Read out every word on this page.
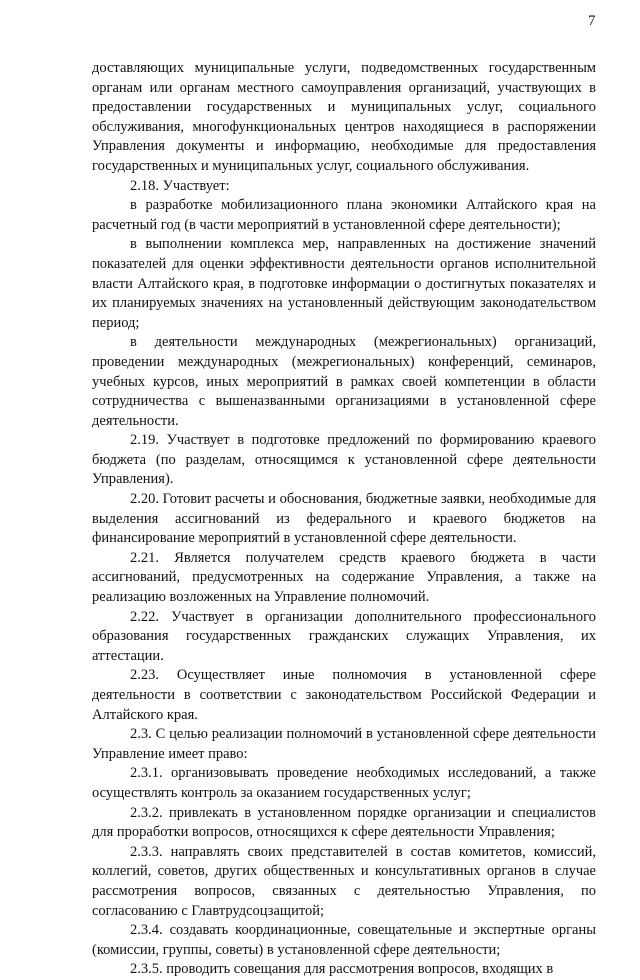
7

доставляющих муниципальные услуги, подведомственных государственным органам или органам местного самоуправления организаций, участвующих в предоставлении государственных и муниципальных услуг, социального обслуживания, многофункциональных центров находящиеся в распоряжении Управления документы и информацию, необходимые для предоставления государственных и муниципальных услуг, социального обслуживания.

2.18. Участвует:

в разработке мобилизационного плана экономики Алтайского края на расчетный год (в части мероприятий в установленной сфере деятельности);

в выполнении комплекса мер, направленных на достижение значений показателей для оценки эффективности деятельности органов исполнительной власти Алтайского края, в подготовке информации о достигнутых показателях и их планируемых значениях на установленный действующим законодательством период;

в деятельности международных (межрегиональных) организаций, проведении международных (межрегиональных) конференций, семинаров, учебных курсов, иных мероприятий в рамках своей компетенции в области сотрудничества с вышеназванными организациями в установленной сфере деятельности.

2.19. Участвует в подготовке предложений по формированию краевого бюджета (по разделам, относящимся к установленной сфере деятельности Управления).

2.20. Готовит расчеты и обоснования, бюджетные заявки, необходимые для выделения ассигнований из федерального и краевого бюджетов на финансирование мероприятий в установленной сфере деятельности.

2.21. Является получателем средств краевого бюджета в части ассигнований, предусмотренных на содержание Управления, а также на реализацию возложенных на Управление полномочий.

2.22. Участвует в организации дополнительного профессионального образования государственных гражданских служащих Управления, их аттестации.

2.23. Осуществляет иные полномочия в установленной сфере деятельности в соответствии с законодательством Российской Федерации и Алтайского края.

2.3. С целью реализации полномочий в установленной сфере деятельности Управление имеет право:

2.3.1. организовывать проведение необходимых исследований, а также осуществлять контроль за оказанием государственных услуг;

2.3.2. привлекать в установленном порядке организации и специалистов для проработки вопросов, относящихся к сфере деятельности Управления;

2.3.3. направлять своих представителей в состав комитетов, комиссий, коллегий, советов, других общественных и консультативных органов в случае рассмотрения вопросов, связанных с деятельностью Управления, по согласованию с Главтрудсоцзащитой;

2.3.4. создавать координационные, совещательные и экспертные органы (комиссии, группы, советы) в установленной сфере деятельности;

2.3.5. проводить совещания для рассмотрения вопросов, входящих в
